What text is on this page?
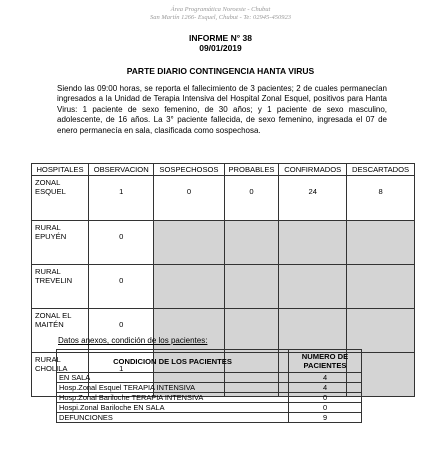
Área Programática Noroeste - Chubut
San Martín 1266- Esquel, Chubut - Te: 02945-450923
INFORME N° 38
09/01/2019
PARTE DIARIO CONTINGENCIA HANTA VIRUS
Siendo las 09:00 horas, se reporta el fallecimiento de 3 pacientes; 2 de cuales permanecían ingresados a la Unidad de Terapia Intensiva del Hospital Zonal Esquel, positivos para Hanta Virus: 1 paciente de sexo femenino, de 30 años; y 1 paciente de sexo masculino, adolescente, de 16 años. La 3° paciente fallecida, de sexo femenino, ingresada el 07 de enero permanecía en sala, clasificada como sospechosa.
HOSPITALES	OBSERVACION	SOSPECHOSOS	PROBABLES	CONFIRMADOS	DESCARTADOS
ZONAL ESQUEL	1	0	0	24	8
RURAL EPUYÉN	0				
RURAL TREVELIN	0				
ZONAL EL MAITÉN	0				
RURAL CHOLILA	1				
Datos anexos, condición de los pacientes:
CONDICION DE LOS PACIENTES	NUMERO DE PACIENTES
EN SALA	4
Hosp.Zonal Esquel TERAPIA INTENSIVA	4
Hosp.Zonal Bariloche TERAPIA INTENSIVA	0
Hospi.Zonal Bariloche EN SALA	0
DEFUNCIONES	9
